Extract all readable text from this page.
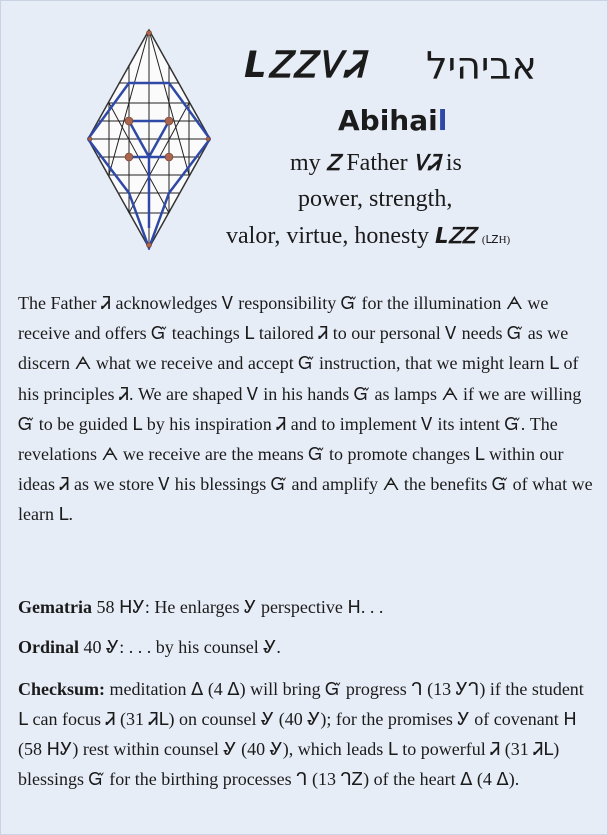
ᒪᏃᏃᏙᏘ אביהיל
Abihail
my Ꮓ Father ᏙᏘ is
power, strength,
valor, virtue, honesty ᒪᏃᏃ (ᒪᏃΗ)
The Father Ꮨ acknowledges Ꮩ responsibility Ᏻ for the illumination ᗅ we receive and offers Ᏻ teachings ᒪ tailored Ꮨ to our personal Ꮩ needs Ᏻ as we discern ᗅ what we receive and accept Ᏻ instruction, that we might learn ᒪ of his principles Ꮨ. We are shaped Ꮩ in his hands Ᏻ as lamps ᗅ if we are willing Ᏻ to be guided ᒪ by his inspiration Ꮨ and to implement Ꮩ its intent Ᏻ. The revelations ᗅ we receive are the means Ᏻ to promote changes ᒪ within our ideas Ꮨ as we store Ꮩ his blessings Ᏻ and amplify ᗅ the benefits Ᏻ of what we learn ᒪ.
Gematria 58 ᕼᎩ: He enlarges Ꭹ perspective ᕼ. . .
Ordinal 40 Ꮍ: . . . by his counsel Ꮍ.
Checksum: meditation ᐃ (4 ᐃ) will bring Ᏻ progress ᒉ (13 Ꭹᒉ) if the student ᒪ can focus Ꮨ (31 Ꮨᒪ) on counsel Ꮍ (40 Ꮍ); for the promises Ꭹ of covenant ᕼ (58 ᕼᎩ) rest within counsel Ꮍ (40 Ꮍ), which leads ᒪ to powerful Ꮨ (31 Ꮨᒪ) blessings Ᏻ for the birthing processes ᒉ (13 ᒉᏃ) of the heart ᐃ (4 ᐃ).
